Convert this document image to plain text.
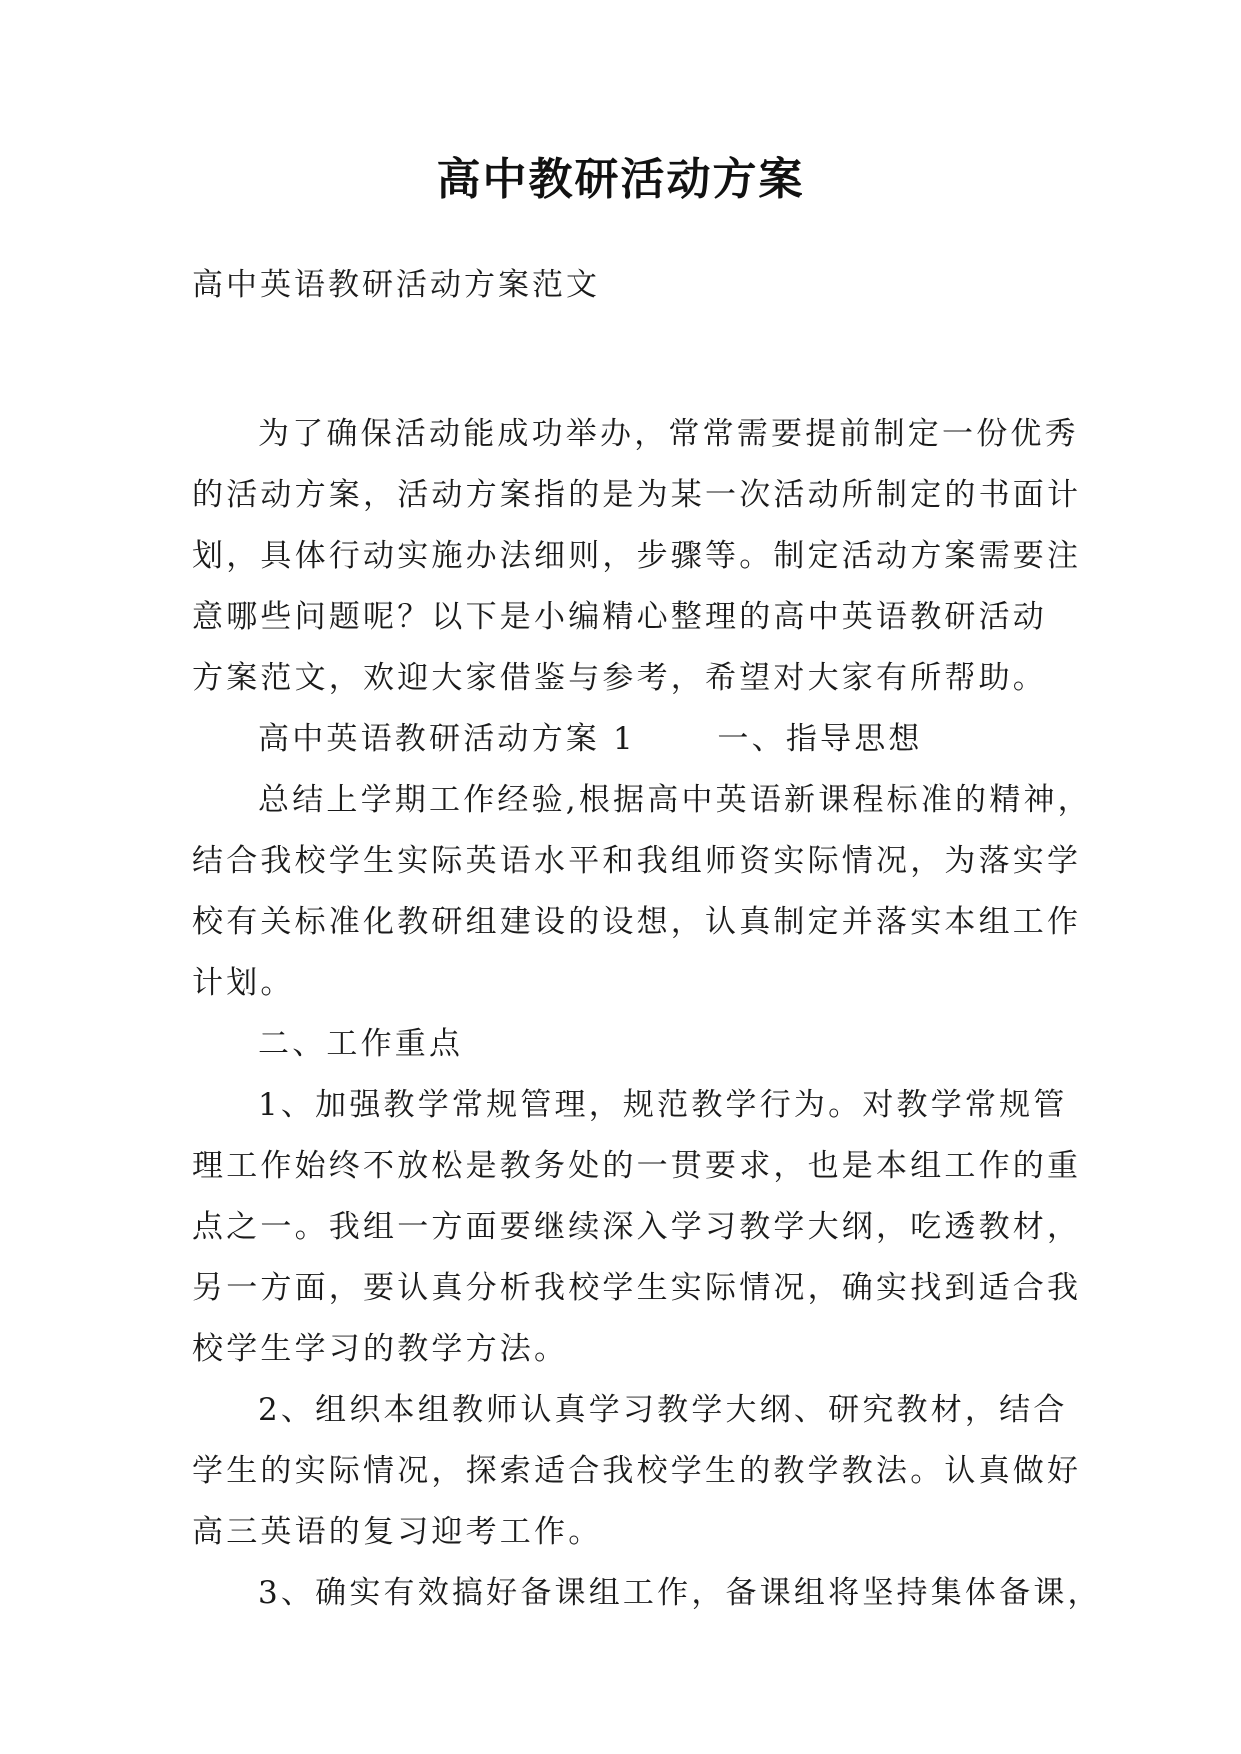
高中教研活动方案
高中英语教研活动方案范文
为了确保活动能成功举办，常常需要提前制定一份优秀
的活动方案，活动方案指的是为某一次活动所制定的书面计
划，具体行动实施办法细则，步骤等。制定活动方案需要注
意哪些问题呢？以下是小编精心整理的高中英语教研活动
方案范文，欢迎大家借鉴与参考，希望对大家有所帮助。
高中英语教研活动方案 1　　 一、指导思想
总结上学期工作经验,根据高中英语新课程标准的精神，
结合我校学生实际英语水平和我组师资实际情况，为落实学
校有关标准化教研组建设的设想，认真制定并落实本组工作
计划。
二、工作重点
1、加强教学常规管理，规范教学行为。对教学常规管
理工作始终不放松是教务处的一贯要求，也是本组工作的重
点之一。我组一方面要继续深入学习教学大纲，吃透教材，
另一方面，要认真分析我校学生实际情况，确实找到适合我
校学生学习的教学方法。
2、组织本组教师认真学习教学大纲、研究教材，结合
学生的实际情况，探索适合我校学生的教学教法。认真做好
高三英语的复习迎考工作。
3、确实有效搞好备课组工作，备课组将坚持集体备课，
